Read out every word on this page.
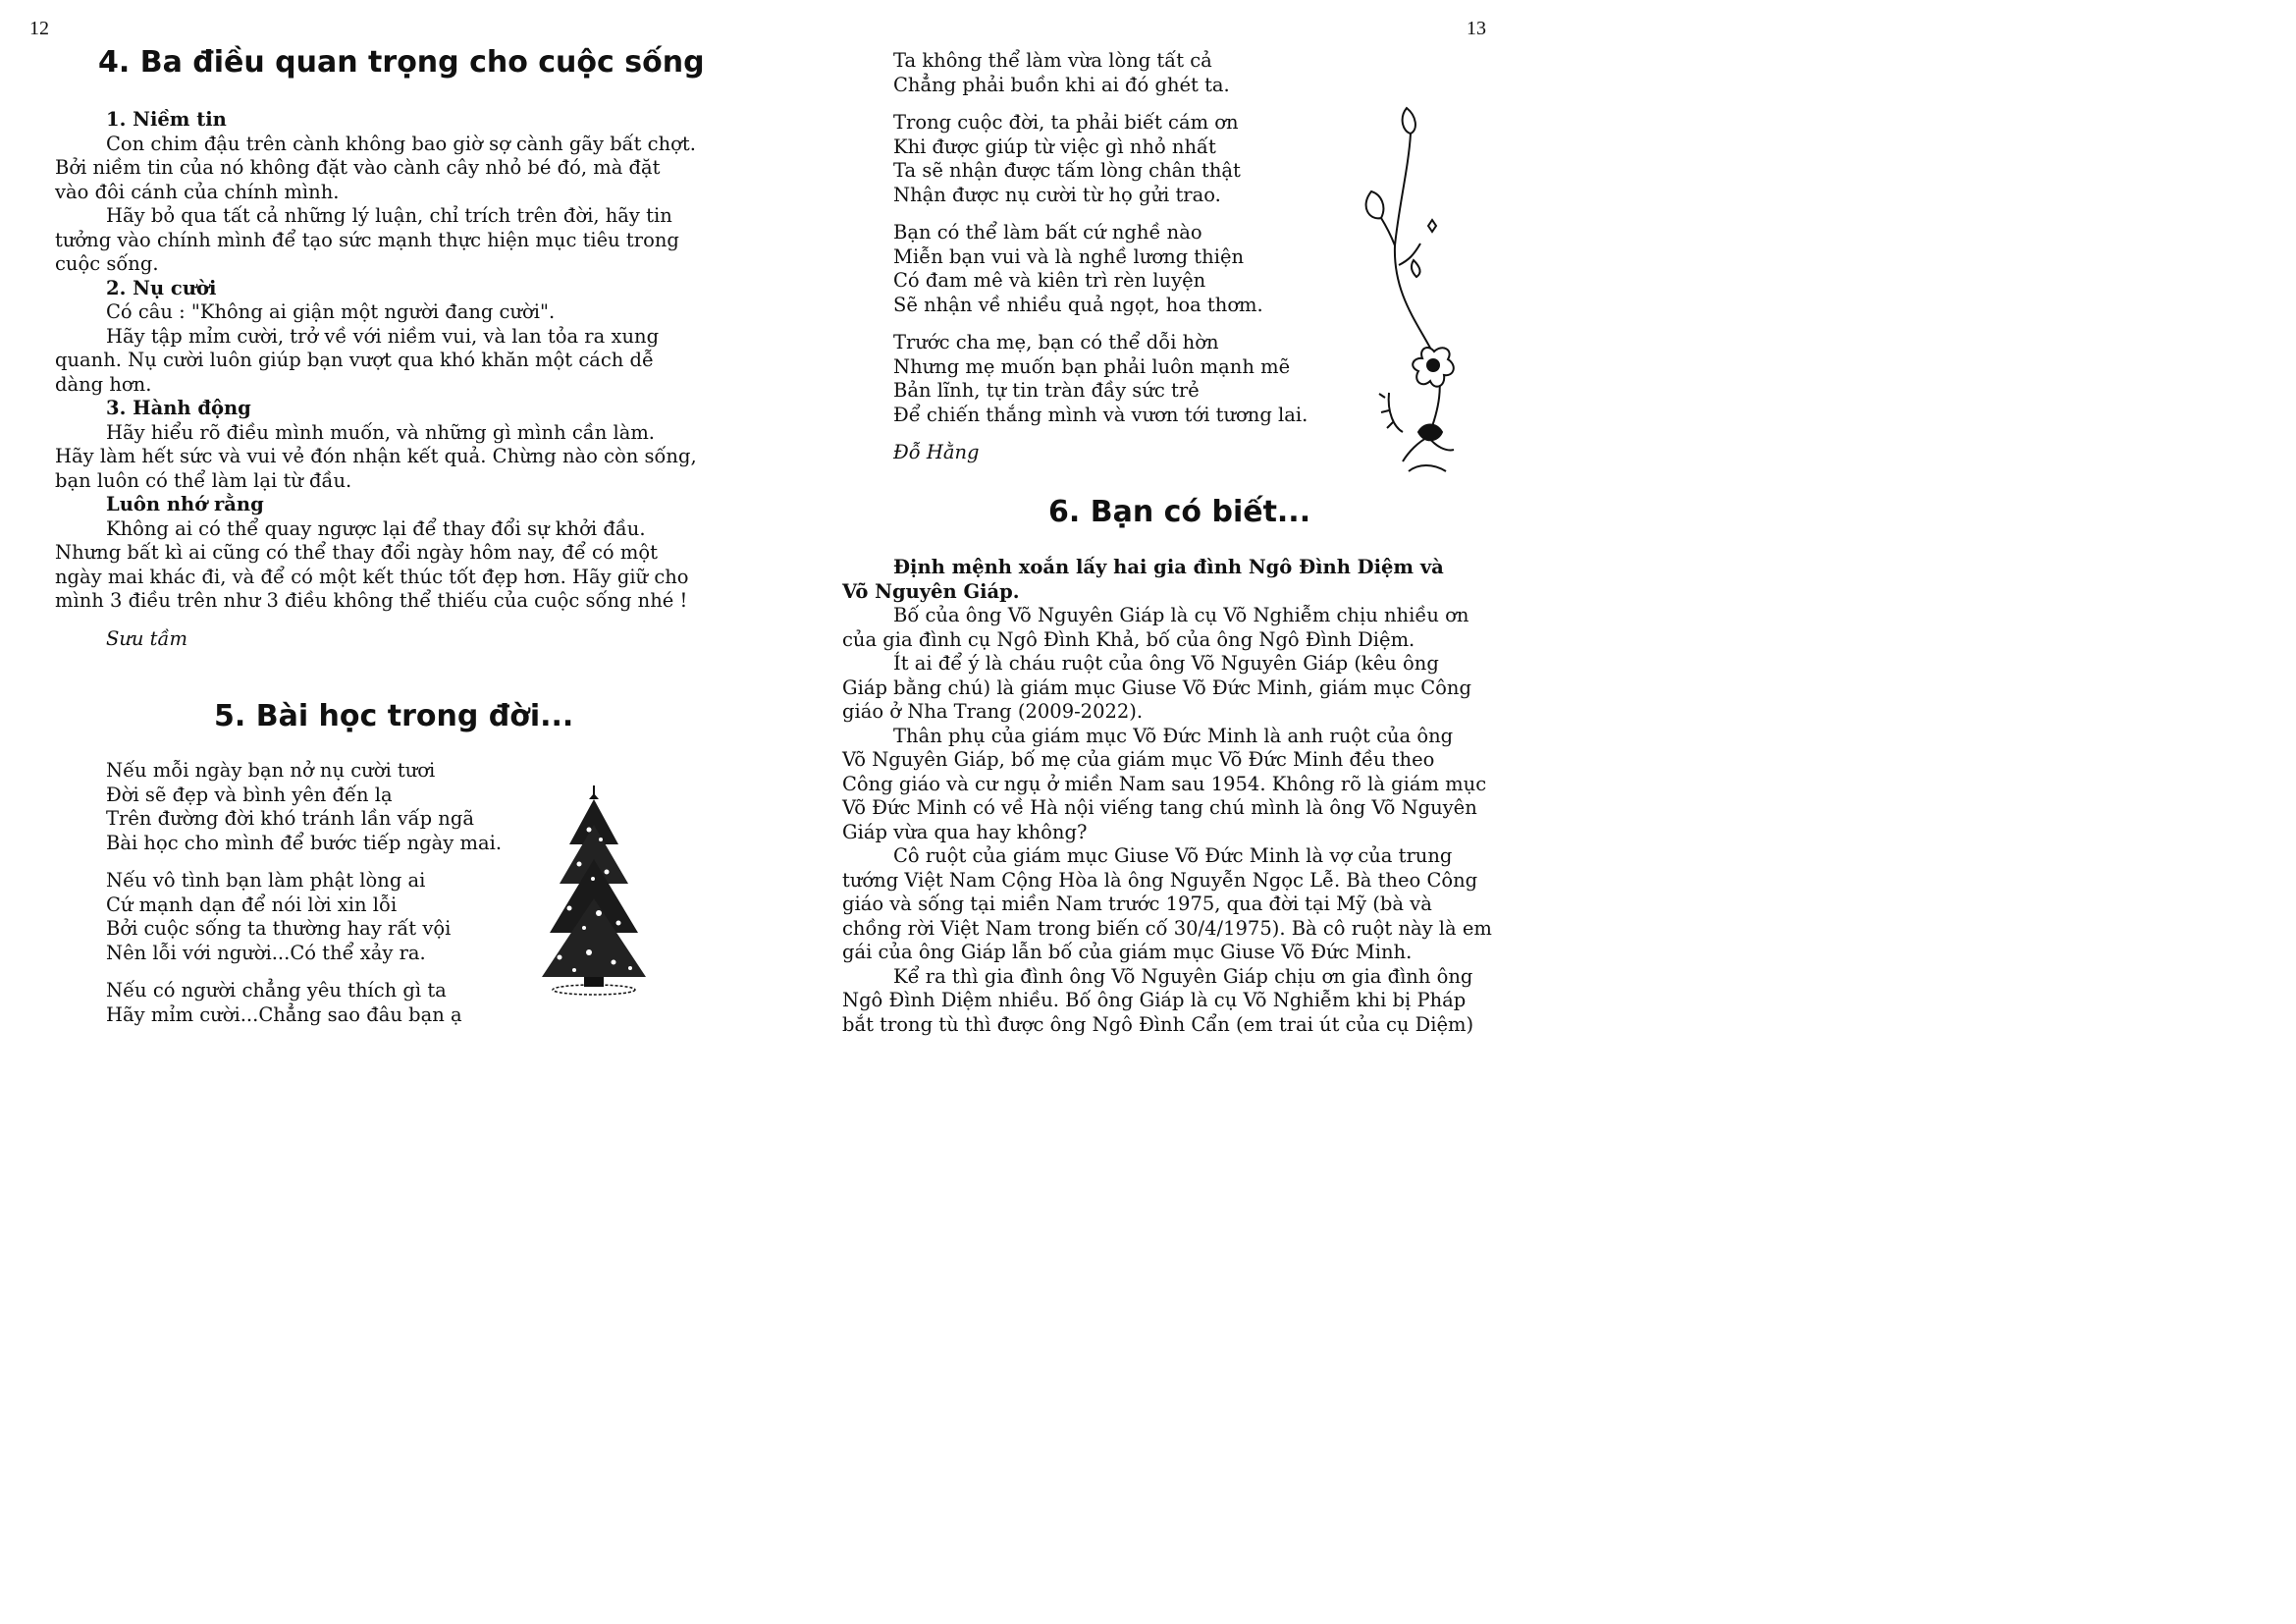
12
4. Ba điều quan trọng cho cuộc sống
1. Niềm tin
Con chim đậu trên cành không bao giờ sợ cành gãy bất chợt.
Bởi niềm tin của nó không đặt vào cành cây nhỏ bé đó, mà đặt
vào đôi cánh của chính mình.
Hãy bỏ qua tất cả những lý luận, chỉ trích trên đời, hãy tin
tưởng vào chính mình để tạo sức mạnh thực hiện mục tiêu trong
cuộc sống.
2. Nụ cười
Có câu : "Không ai giận một người đang cười".
Hãy tập mỉm cười, trở về với niềm vui, và lan tỏa ra xung
quanh. Nụ cười luôn giúp bạn vượt qua khó khăn một cách dễ
dàng hơn.
3. Hành động
Hãy hiểu rõ điều mình muốn, và những gì mình cần làm.
Hãy làm hết sức và vui vẻ đón nhận kết quả. Chừng nào còn sống,
bạn luôn có thể làm lại từ đầu.
Luôn nhớ rằng
Không ai có thể quay ngược lại để thay đổi sự khởi đầu.
Nhưng bất kì ai cũng có thể thay đổi ngày hôm nay, để có một
ngày mai khác đi, và để có một kết thúc tốt đẹp hơn. Hãy giữ cho
mình 3 điều trên như 3 điều không thể thiếu của cuộc sống nhé !
Sưu tầm
5. Bài học trong đời...
Nếu mỗi ngày bạn nở nụ cười tươi
Đời sẽ đẹp và bình yên đến lạ
Trên đường đời khó tránh lần vấp ngã
Bài học cho mình để bước tiếp ngày mai.
Nếu vô tình bạn làm phật lòng ai
Cứ mạnh dạn để nói lời xin lỗi
Bởi cuộc sống ta thường hay rất vội
Nên lỗi với người...Có thể xảy ra.
Nếu có người chẳng yêu thích gì ta
Hãy mỉm cười...Chẳng sao đâu bạn ạ
13
Ta không thể làm vừa lòng tất cả
Chẳng phải buồn khi ai đó ghét ta.
Trong cuộc đời, ta phải biết cám ơn
Khi được giúp từ việc gì nhỏ nhất
Ta sẽ nhận được tấm lòng chân thật
Nhận được nụ cười từ họ gửi trao.
Bạn có thể làm bất cứ nghề nào
Miễn bạn vui và là nghề lương thiện
Có đam mê và kiên trì rèn luyện
Sẽ nhận về nhiều quả ngọt, hoa thơm.
Trước cha mẹ, bạn có thể dỗi hờn
Nhưng mẹ muốn bạn phải luôn mạnh mẽ
Bản lĩnh, tự tin tràn đầy sức trẻ
Để chiến thắng mình và vươn tới tương lai.
Đỗ Hằng
6. Bạn có biết...
Định mệnh xoắn lấy hai gia đình Ngô Đình Diệm và
Võ Nguyên Giáp.
Bố của ông Võ Nguyên Giáp là cụ Võ Nghiễm chịu nhiều ơn
của gia đình cụ Ngô Đình Khả, bố của ông Ngô Đình Diệm.
Ít ai để ý là cháu ruột của ông Võ Nguyên Giáp (kêu ông
Giáp bằng chú) là giám mục Giuse Võ Đức Minh, giám mục Công
giáo ở Nha Trang (2009-2022).
Thân phụ của giám mục Võ Đức Minh là anh ruột của ông
Võ Nguyên Giáp, bố mẹ của giám mục Võ Đức Minh đều theo
Công giáo và cư ngụ ở miền Nam sau 1954. Không rõ là giám mục
Võ Đức Minh có về Hà nội viếng tang chú mình là ông Võ Nguyên
Giáp vừa qua hay không?
Cô ruột của giám mục Giuse Võ Đức Minh là vợ của trung
tướng Việt Nam Cộng Hòa là ông Nguyễn Ngọc Lễ. Bà theo Công
giáo và sống tại miền Nam trước 1975, qua đời tại Mỹ (bà và
chồng rời Việt Nam trong biến cố 30/4/1975). Bà cô ruột này là em
gái của ông Giáp lẫn bố của giám mục Giuse Võ Đức Minh.
Kể ra thì gia đình ông Võ Nguyên Giáp chịu ơn gia đình ông
Ngô Đình Diệm nhiều. Bố ông Giáp là cụ Võ Nghiễm khi bị Pháp
bắt trong tù thì được ông Ngô Đình Cẩn (em trai út của cụ Diệm)
